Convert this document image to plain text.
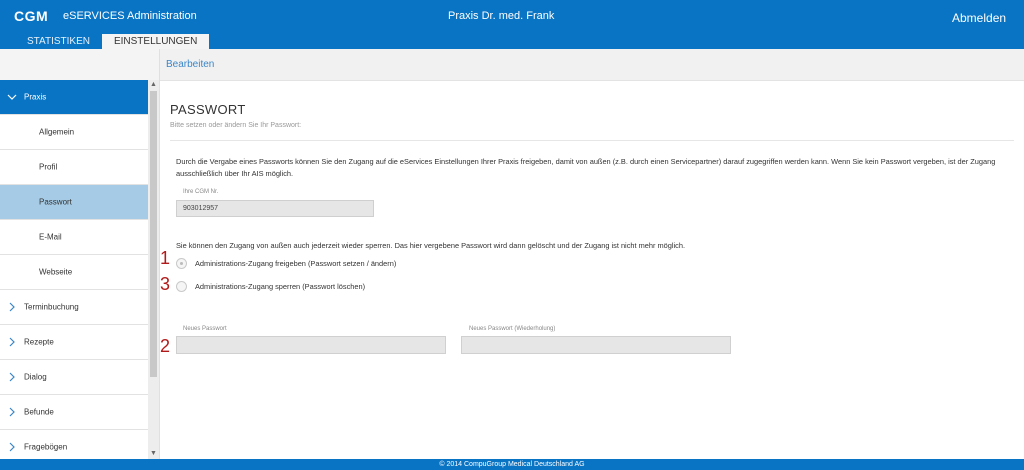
CGM eSERVICES Administration	Praxis Dr. med. Frank	Abmelden
STATISTIKEN	EINSTELLUNGEN
Praxis
Allgemein
Profil
Passwort
E-Mail
Webseite
Terminbuchung
Rezepte
Dialog
Befunde
Fragebögen
▲
▼
Bearbeiten
PASSWORT
Bitte setzen oder ändern Sie Ihr Passwort:
Durch die Vergabe eines Passworts können Sie den Zugang auf die eServices Einstellungen Ihrer Praxis freigeben, damit von außen (z.B. durch einen Servicepartner) darauf zugegriffen werden kann. Wenn Sie kein Passwort vergeben, ist der Zugang ausschließlich über Ihr AIS möglich.
Ihre CGM Nr.
903012957
Sie können den Zugang von außen auch jederzeit wieder sperren. Das hier vergebene Passwort wird dann gelöscht und der Zugang ist nicht mehr möglich.
Administrations-Zugang freigeben (Passwort setzen / ändern)
Administrations-Zugang sperren (Passwort löschen)
Neues Passwort	Neues Passwort (Wiederholung)
1
3
2
© 2014 CompuGroup Medical Deutschland AG
